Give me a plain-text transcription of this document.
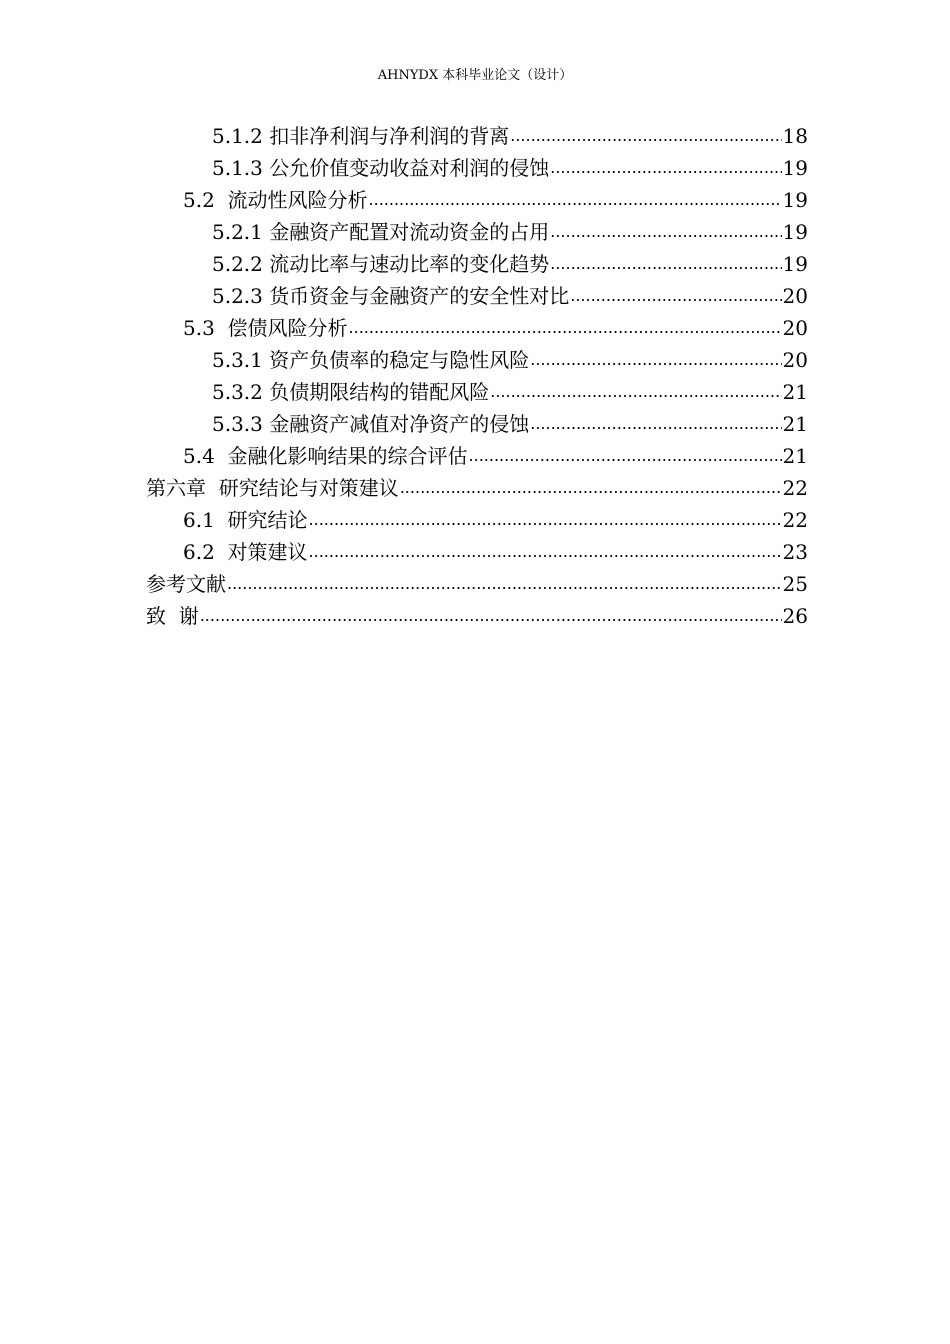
AHNYDX 本科毕业论文（设计）
5.1.2 扣非净利润与净利润的背离 .....	18
5.1.3 公允价值变动收益对利润的侵蚀 .....	19
5.2 流动性风险分析 .....	19
5.2.1 金融资产配置对流动资金的占用 .....	19
5.2.2 流动比率与速动比率的变化趋势 .....	19
5.2.3 货币资金与金融资产的安全性对比 .....	20
5.3 偿债风险分析 .....	20
5.3.1 资产负债率的稳定与隐性风险 .....	20
5.3.2 负债期限结构的错配风险 .....	21
5.3.3 金融资产减值对净资产的侵蚀 .....	21
5.4 金融化影响结果的综合评估 .....	21
第六章 研究结论与对策建议 .....	22
6.1 研究结论 .....	22
6.2 对策建议 .....	23
参考文献 .....	25
致  谢 .....	26
